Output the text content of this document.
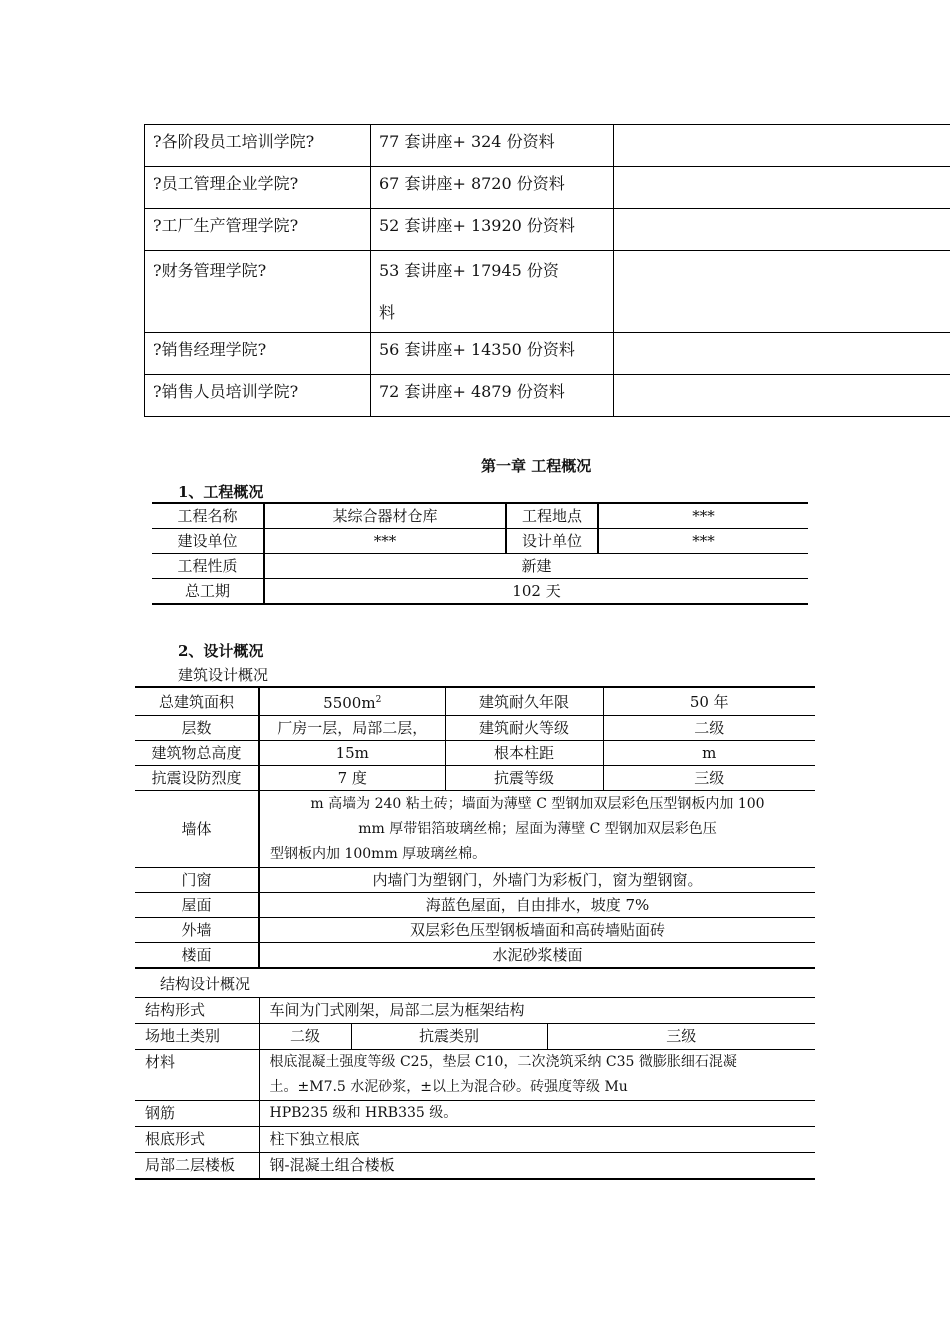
?各阶段员工培训学院?	77 套讲座+ 324 份资料	
?员工管理企业学院?	67 套讲座+ 8720 份资料	
?工厂生产管理学院?	52 套讲座+ 13920 份资料	
?财务管理学院?	53 套讲座+ 17945 份资
料	

?销售经理学院?	56 套讲座+ 14350 份资料	
?销售人员培训学院?	72 套讲座+ 4879 份资料	
第一章 工程概况
1、工程概况
工程名称	某综合器材仓库	工程地点	***
建设单位	***	设计单位	***
工程性质	新建		
总工期	102 天		
2、设计概况
建筑设计概况
总建筑面积	$5500m^2$	建筑耐久年限	50 年
层数	厂房一层，局部二层，	建筑耐火等级	二级
建筑物总高度	15m	根本柱距	m
抗震设防烈度	7 度	抗震等级	三级
墙体	m 高墙为 240 粘土砖；墙面为薄壁 C 型钢加双层彩色压型钢板内加 100
mm 厚带铝箔玻璃丝棉；屋面为薄壁 C 型钢加双层彩色压
型钢板内加 100mm 厚玻璃丝棉。		

门窗	内墙门为塑钢门，外墙门为彩板门，窗为塑钢窗。		
屋面	海蓝色屋面，自由排水，坡度 7%		
外墙	双层彩色压型钢板墙面和高砖墙贴面砖		
楼面	水泥砂浆楼面		
结构设计概况
结构形式	车间为门式刚架，局部二层为框架结构		
场地土类别	二级	抗震类别	三级
材料	根底混凝土强度等级 C25，垫层 C10，二次浇筑采纳 C35 微膨胀细石混凝
土。±M7.5 水泥砂浆，±以上为混合砂。砖强度等级 Mu		

钢筋	HPB235 级和 HRB335 级。		
根底形式	柱下独立根底		
局部二层楼板	钢-混凝土组合楼板		
